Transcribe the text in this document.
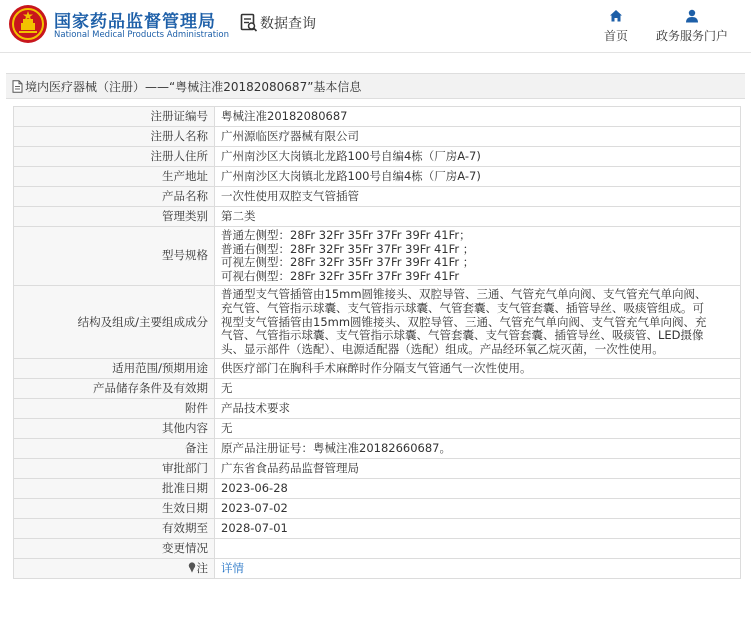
国家药品监督管理局
National Medical Products Administration
数据查询
首页	政务服务门户
境内医疗器械（注册）——“粤械注准20182080687”基本信息
注册证编号	粤械注准20182080687
注册人名称	广州源临医疗器械有限公司
注册人住所	广州南沙区大岗镇北龙路100号自编4栋（厂房A-7)
生产地址	广州南沙区大岗镇北龙路100号自编4栋（厂房A-7)
产品名称	一次性使用双腔支气管插管
管理类别	第二类
型号规格	普通左侧型：28Fr 32Fr 35Fr 37Fr 39Fr 41Fr；
普通右侧型：28Fr 32Fr 35Fr 37Fr 39Fr 41Fr ；
可视左侧型：28Fr 32Fr 35Fr 37Fr 39Fr 41Fr ；
可视右侧型：28Fr 32Fr 35Fr 37Fr 39Fr 41Fr

结构及组成/主要组成成分	普通型支气管插管由15mm圆锥接头、双腔导管、三通、气管充气单向阀、支气管充气单向阀、
充气管、气管指示球囊、支气管指示球囊、气管套囊、支气管套囊、插管导丝、吸痰管组成。可
视型支气管插管由15mm圆锥接头、双腔导管、三通、气管充气单向阀、支气管充气单向阀、充
气管、气管指示球囊、支气管指示球囊、气管套囊、支气管套囊、插管导丝、吸痰管、LED摄像
头、显示部件（选配）、电源适配器（选配）组成。产品经环氧乙烷灭菌，一次性使用。

适用范围/预期用途	供医疗部门在胸科手术麻醉时作分隔支气管通气一次性使用。
产品储存条件及有效期	无
附件	产品技术要求
其他内容	无
备注	原产品注册证号：粤械注准20182660687。
审批部门	广东省食品药品监督管理局
批准日期	2023-06-28
生效日期	2023-07-02
有效期至	2028-07-01
变更情况	
注	详情
